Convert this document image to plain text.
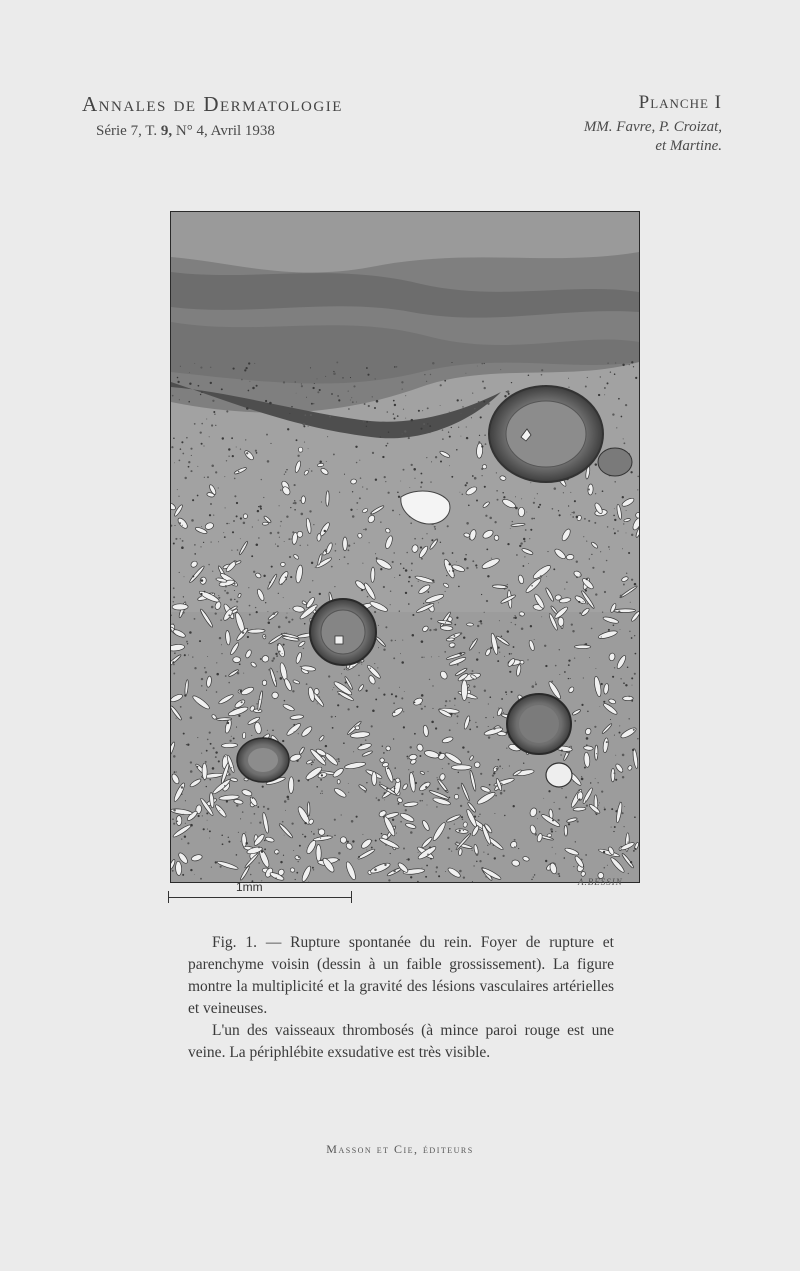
Annales de Dermatologie
Série 7, T. 9, N° 4, Avril 1938
Planche I
MM. Favre, P. Croizat,
et Martine.
1mm	A.BESSIN

Fig. 1. — Rupture spontanée du rein. Foyer de rupture et parenchyme voisin (dessin à un faible grossissement). La figure montre la multiplicité et la gravité des lésions vasculaires artérielles et veineuses.

L'un des vaisseaux thrombosés (à mince paroi rouge est une veine. La périphlébite exsudative est très visible.

Masson et Cie, éditeurs
